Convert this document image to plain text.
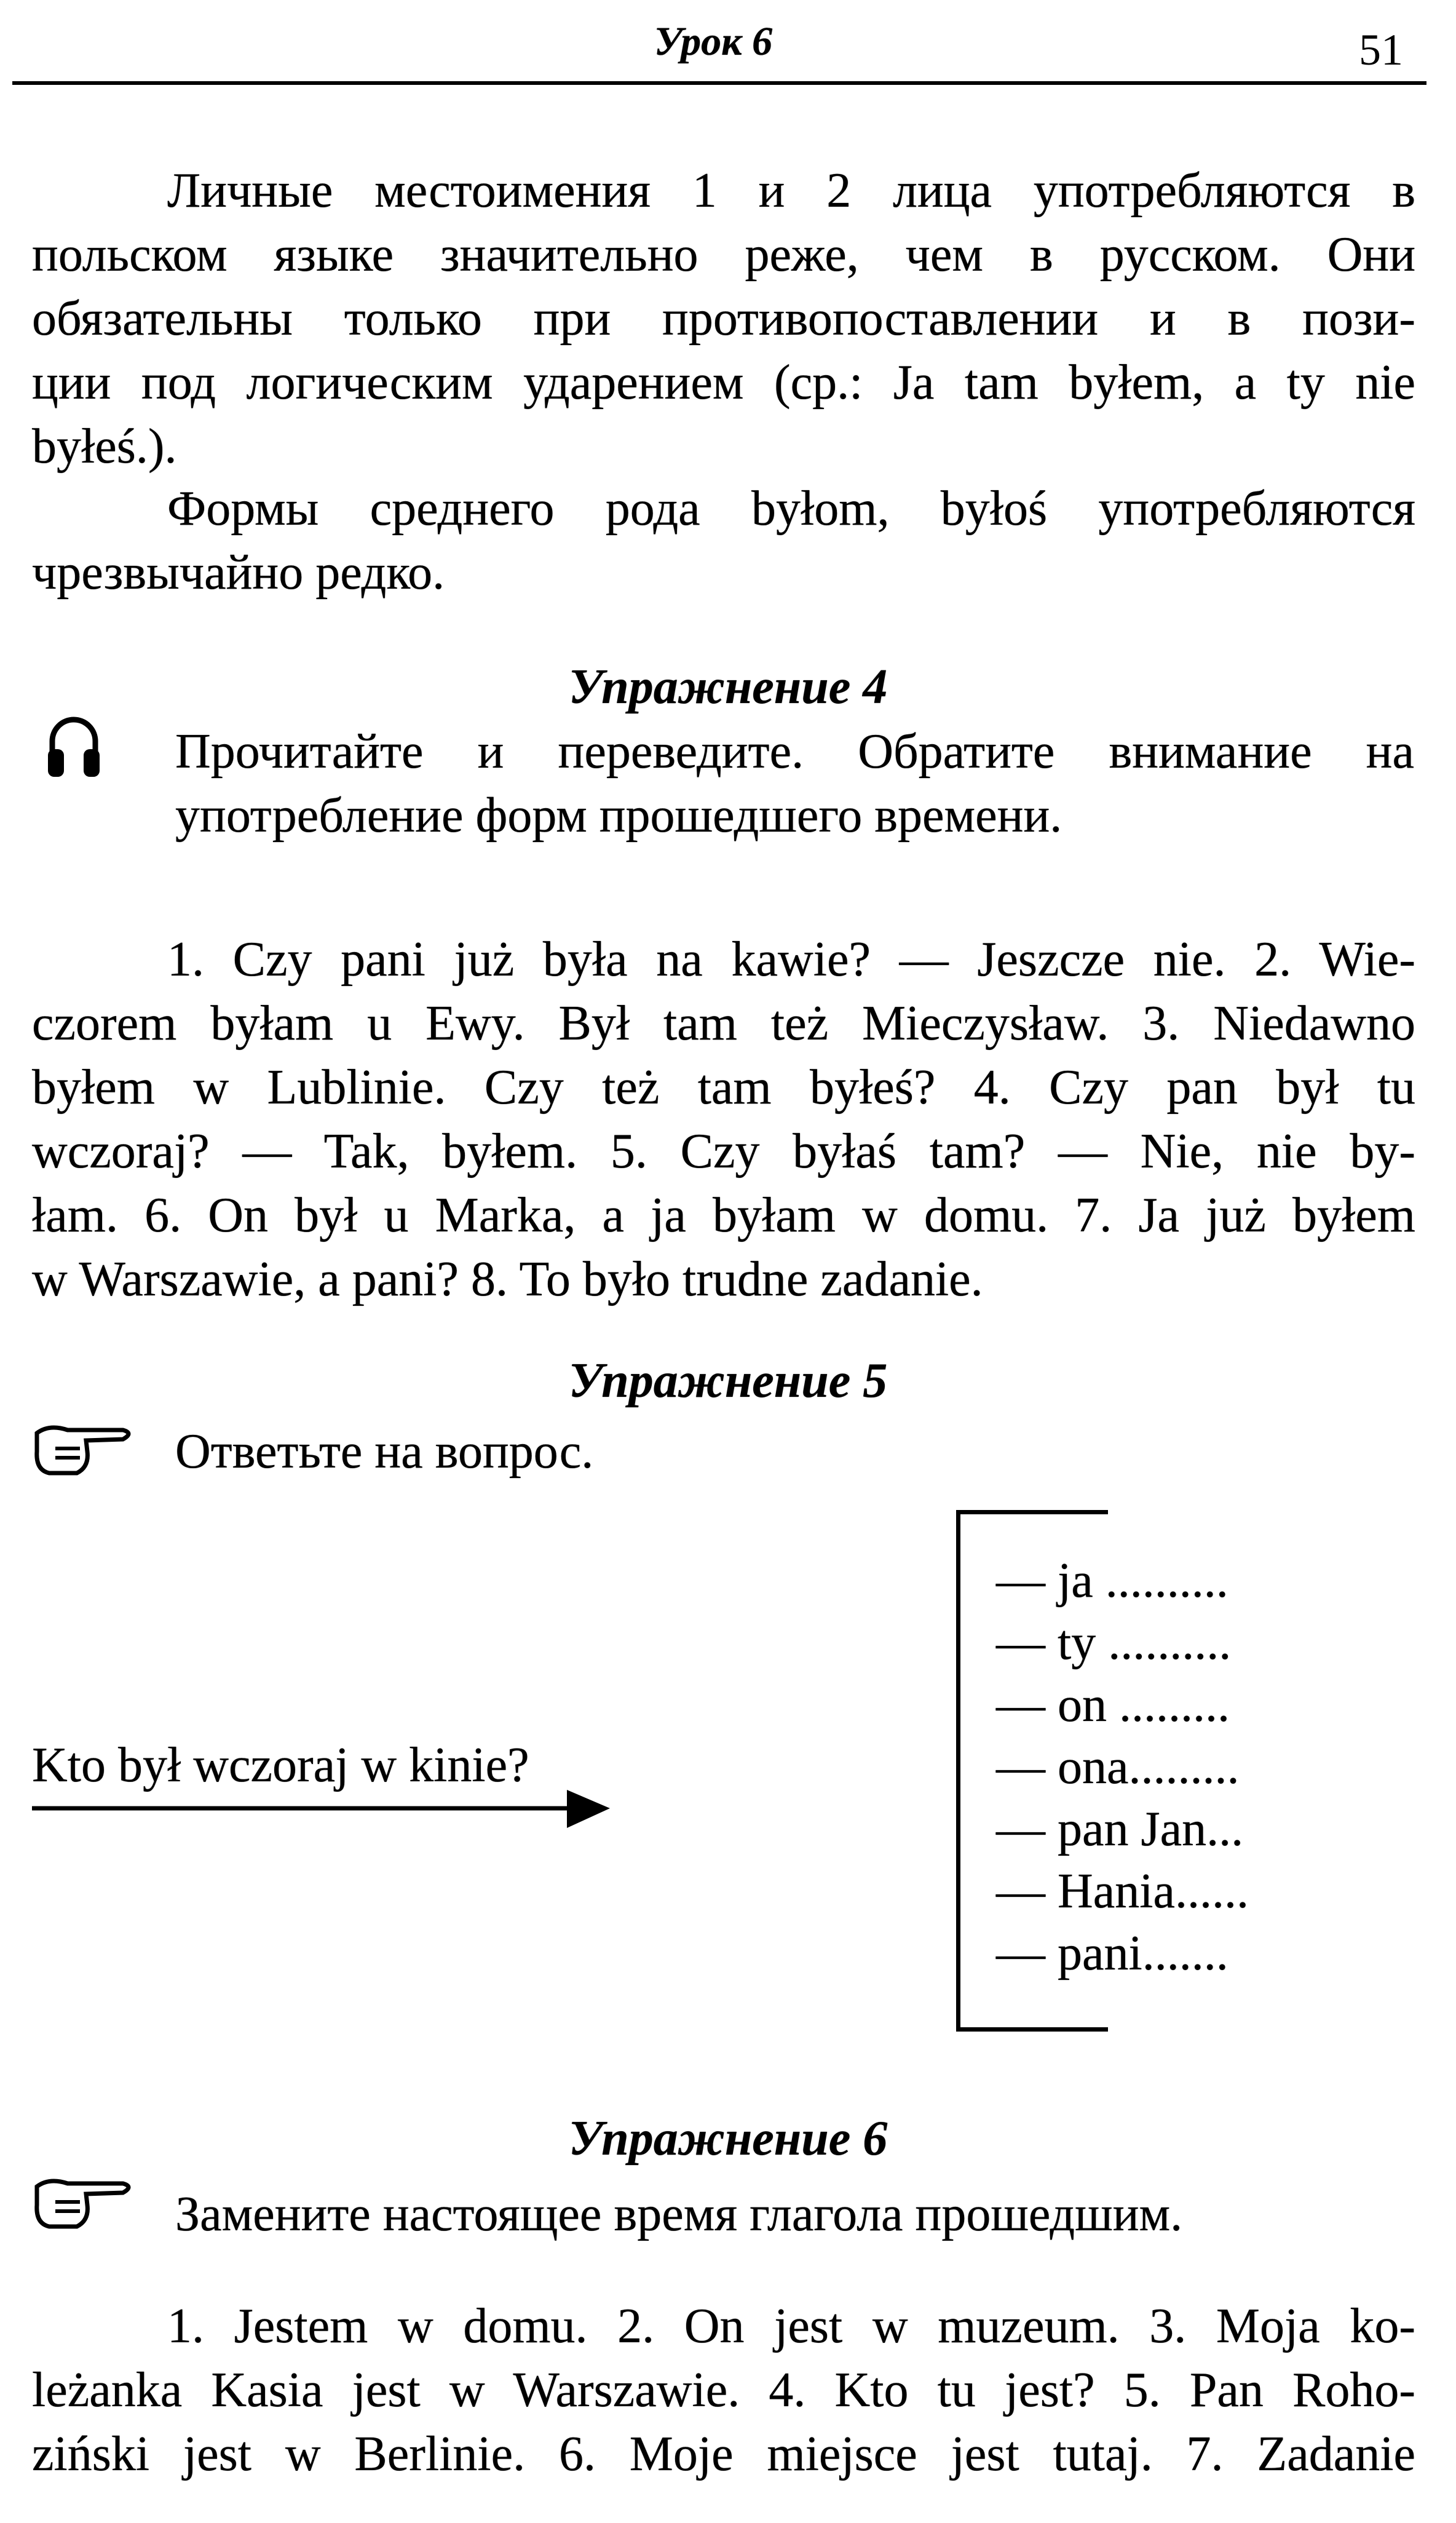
Урок 6	51
Личные местоимения 1 и 2 лица употребляются в
польском языке значительно реже, чем в русском. Они
обязательны только при противопоставлении и в пози-
ции под логическим ударением (ср.: Ja tam byłem, a ty nie
byłeś.).
Формы среднего рода byłom, byłoś употребляются
чрезвычайно редко.
Упражнение 4
Прочитайте и переведите. Обратите внимание на
употребление форм прошедшего времени.
1. Czy pani już była na kawie? — Jeszcze nie. 2. Wie-
czorem byłam u Ewy. Był tam też Mieczysław. 3. Niedawno
byłem w Lublinie. Czy też tam byłeś? 4. Czy pan był tu
wczoraj? — Tak, byłem. 5. Czy byłaś tam? — Nie, nie by-
łam. 6. On był u Marka, a ja byłam w domu. 7. Ja już byłem
w Warszawie, a pani? 8. To było trudne zadanie.
Упражнение 5
Ответьте на вопрос.
— ja ..........
— ty ..........
— on .........
— ona.........
— pan Jan...
— Hania......
— pani.......
Kto był wczoraj w kinie?
Упражнение 6
Замените настоящее время глагола прошедшим.
1. Jestem w domu. 2. On jest w muzeum. 3. Moja ko-
leżanka Kasia jest w Warszawie. 4. Kto tu jest? 5. Pan Roho-
ziński jest w Berlinie. 6. Moje miejsce jest tutaj. 7. Zadanie
